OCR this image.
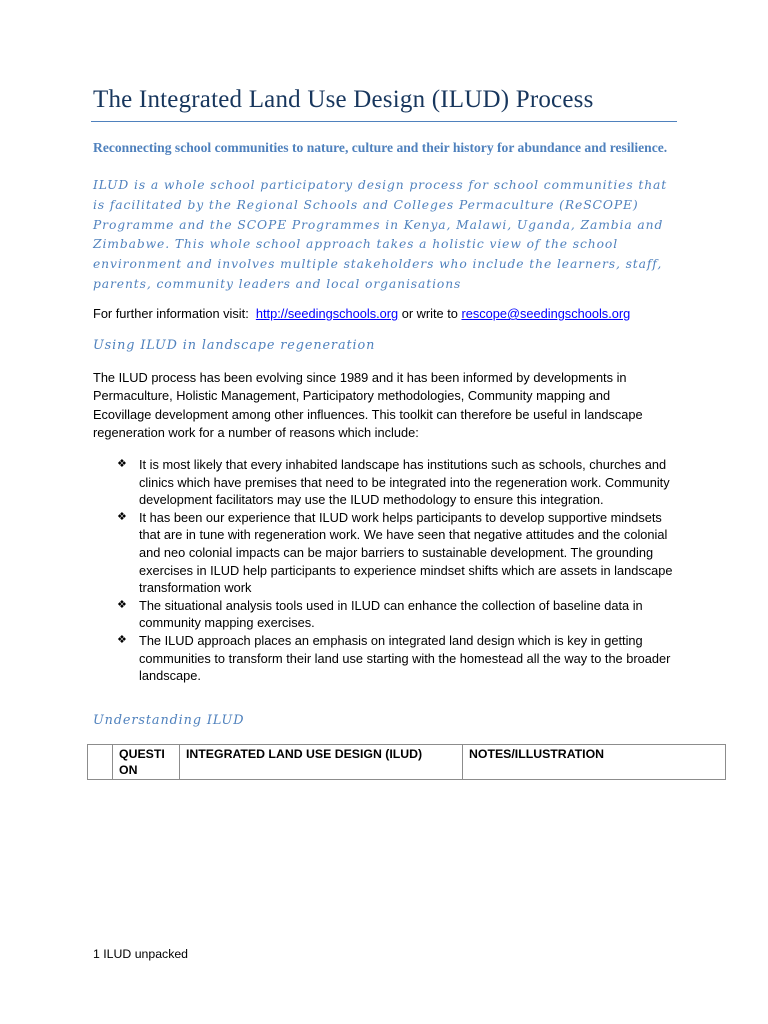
The Integrated Land Use Design (ILUD) Process
Reconnecting school communities to nature, culture and their history for abundance and resilience.
ILUD is a whole school participatory design process for school communities that is facilitated by the Regional Schools and Colleges Permaculture (ReSCOPE) Programme and the SCOPE Programmes in Kenya, Malawi, Uganda, Zambia and Zimbabwe. This whole school approach takes a holistic view of the school environment and involves multiple stakeholders who include the learners, staff, parents, community leaders and local organisations
For further information visit: http://seedingschools.org or write to rescope@seedingschools.org
Using ILUD in landscape regeneration
The ILUD process has been evolving since 1989 and it has been informed by developments in Permaculture, Holistic Management, Participatory methodologies, Community mapping and Ecovillage development among other influences. This toolkit can therefore be useful in landscape regeneration work for a number of reasons which include:
❖ It is most likely that every inhabited landscape has institutions such as schools, churches and clinics which have premises that need to be integrated into the regeneration work. Community development facilitators may use the ILUD methodology to ensure this integration.
❖ It has been our experience that ILUD work helps participants to develop supportive mindsets that are in tune with regeneration work. We have seen that negative attitudes and the colonial and neo colonial impacts can be major barriers to sustainable development. The grounding exercises in ILUD help participants to experience mindset shifts which are assets in landscape transformation work
❖ The situational analysis tools used in ILUD can enhance the collection of baseline data in community mapping exercises.
❖ The ILUD approach places an emphasis on integrated land design which is key in getting communities to transform their land use starting with the homestead all the way to the broader landscape.
Understanding ILUD
	QUESTI ON	INTEGRATED LAND USE DESIGN (ILUD)	NOTES/ILLUSTRATION
1 ILUD unpacked
